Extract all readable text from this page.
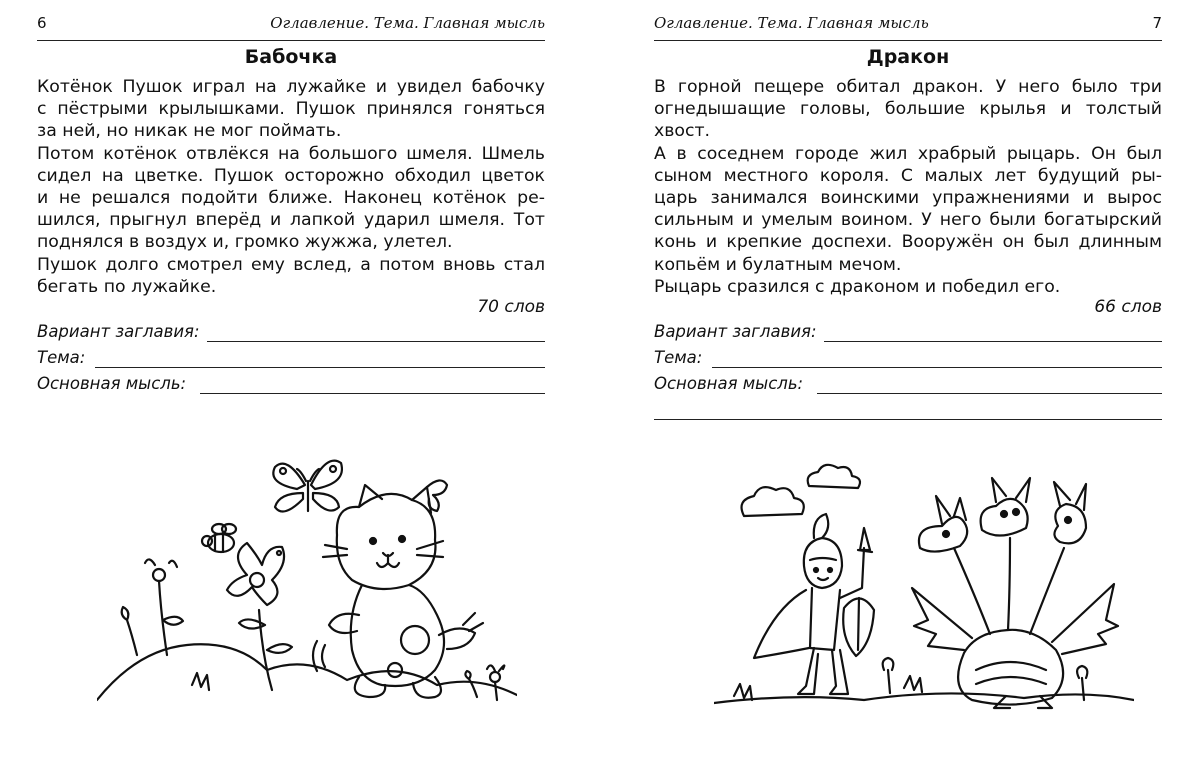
6	Оглавление. Тема. Главная мысль
Бабочка

Котёнок Пушок играл на лужайке и увидел бабочку

с пёстрыми крылышками. Пушок принялся гоняться

за ней, но никак не мог поймать.

Потом котёнок отвлёкся на большого шмеля. Шмель

сидел на цветке. Пушок осторожно обходил цветок

и не решался подойти ближе. Наконец котёнок ре-

шился, прыгнул вперёд и лапкой ударил шмеля. Тот

поднялся в воздух и, громко жужжа, улетел.

Пушок долго смотрел ему вслед, а потом вновь стал

бегать по лужайке.

70 слов
Вариант заглавия:
Тема:
Основная мысль:
Оглавление. Тема. Главная мысль	7
Дракон

В горной пещере обитал дракон. У него было три

огнедышащие головы, большие крылья и толстый

хвост.

А в соседнем городе жил храбрый рыцарь. Он был

сыном местного короля. С малых лет будущий ры-

царь занимался воинскими упражнениями и вырос

сильным и умелым воином. У него были богатырский

конь и крепкие доспехи. Вооружён он был длинным

копьём и булатным мечом.

Рыцарь сразился с драконом и победил его.

66 слов
Вариант заглавия:
Тема:
Основная мысль:
